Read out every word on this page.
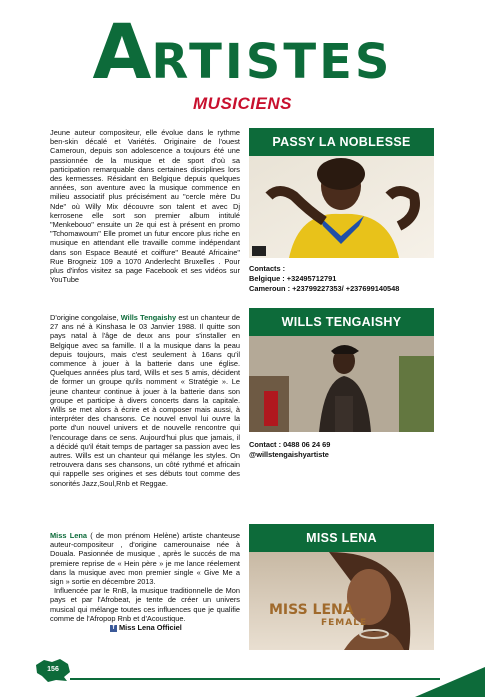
ARTISTES
MUSICIENS

Jeune auteur compositeur, elle évolue dans le rythme ben-skin décalé et Variétés. Originaire de l'ouest Cameroun, depuis son adolescence a toujours été une passionnée de la musique et de sport d'où sa participation remarquable dans certaines disciplines lors des kermesses. Résidant en Belgique depuis quelques années, son aventure avec la musique commence en milieu associatif plus précisément au "cercle mère Du Nde" où Willy Mix découvre son talent et avec Dj kerrosene elle sort son premier album intitulé "Menkebouo" ensuite un 2e qui est à présent en promo "Tchomawoum" Elle promet un futur encore plus riche en musique en attendant elle travaille comme indépendant dans son Espace Beauté et coiffure" Beauté Africaine" Rue Brogneiz 109 a 1070 Anderlecht Bruxelles . Pour plus d'infos visitez sa page Facebook et ses vidéos sur YouTube

PASSY LA NOBLESSE
Contacts :
Belgique : +32495712791
Cameroun : +23799227353/ +237699140548

D'origine congolaise, Wills Tengaishy est un chanteur de 27 ans né à Kinshasa le 03 Janvier 1988. Il quitte son pays natal à l'âge de deux ans pour s'installer en Belgique avec sa famille. Il a la musique dans la peau depuis toujours, mais c'est seulement à 16ans qu'il commence à jouer à la batterie dans une église. Quelques années plus tard, Wills et ses 5 amis, décident de former un groupe qu'ils nomment « Stratégie ». Le jeune chanteur continue à jouer à la batterie dans son groupe et participe à divers concerts dans la capitale. Wills se met alors à écrire et à composer mais aussi, à interpréter des chansons. Ce nouvel envol lui ouvre la porte d'un nouvel univers et de nouvelle rencontre qui l'encourage dans ce sens. Aujourd'hui plus que jamais, il a décidé qu'il était temps de partager sa passion avec les autres. Wills est un chanteur qui mélange les styles. On retrouvera dans ses chansons, un côté rythmé et africain qui rappelle ses origines et ses débuts tout comme des sonorités Jazz,Soul,Rnb et Reggae.

WILLS TENGAISHY
Contact : 0488 06 24 69
@willstengaishyartiste

Miss Lena ( de mon prénom Helène) artiste chanteuse auteur-compositeur , d'origine camerounaise née à Douala. Pasionnée de musique , après le succés de ma premiere reprise de « Hein père » je me lance réelement dans la musique avec mon premier single « Give Me a sign » sortie en décembre 2013.

Influencée par le RnB, la musique traditionnelle de Mon pays et par l'Afrobeat, je tente de créer un univers musical qui mélange toutes ces influences que je qualifie comme de l'Afropop Rnb et d'Acoustique.

f Miss Lena Officiel

MISS LENA
MISS LENA
FEMALE
156
